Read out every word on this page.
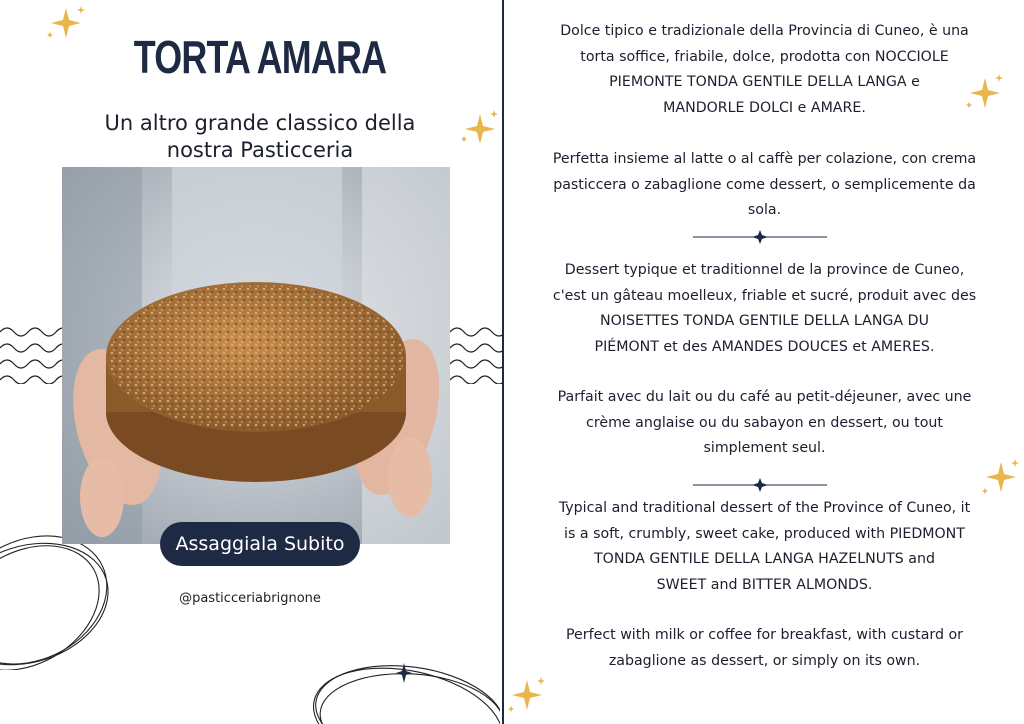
TORTA AMARA
Un altro grande classico della
nostra Pasticceria
Assaggiala Subito
@pasticceriabrignone
Dolce tipico e tradizionale della Provincia di Cuneo, è una
torta soffice, friabile, dolce, prodotta con NOCCIOLE
PIEMONTE TONDA GENTILE DELLA LANGA e
MANDORLE DOLCI e AMARE.
Perfetta insieme al latte o al caffè per colazione, con crema
pasticcera o zabaglione come dessert, o semplicemente da
sola.
Dessert typique et traditionnel de la province de Cuneo,
c'est un gâteau moelleux, friable et sucré, produit avec des
NOISETTES TONDA GENTILE DELLA LANGA DU
PIÉMONT et des AMANDES DOUCES et AMERES.
Parfait avec du lait ou du café au petit-déjeuner, avec une
crème anglaise ou du sabayon en dessert, ou tout
simplement seul.
Typical and traditional dessert of the Province of Cuneo, it
is a soft, crumbly, sweet cake, produced with PIEDMONT
TONDA GENTILE DELLA LANGA HAZELNUTS and
SWEET and BITTER ALMONDS.
Perfect with milk or coffee for breakfast, with custard or
zabaglione as dessert, or simply on its own.
